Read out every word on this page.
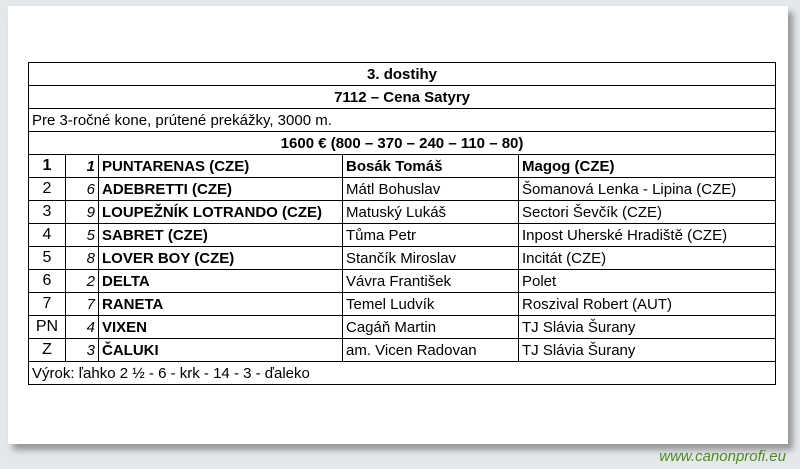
3. dostihy				
7112 – Cena Satyry				
Pre 3-ročné kone, prútené prekážky, 3000 m.				
1600 € (800 – 370 – 240 – 110 – 80)				
1	1	PUNTARENAS (CZE)	Bosák Tomáš	Magog (CZE)
2	6	ADEBRETTI (CZE)	Mátl Bohuslav	Šomanová Lenka - Lipina (CZE)
3	9	LOUPEŽNÍK LOTRANDO (CZE)	Matuský Lukáš	Sectori Ševčík (CZE)
4	5	SABRET (CZE)	Tůma Petr	Inpost Uherské Hradiště (CZE)
5	8	LOVER BOY (CZE)	Stančík Miroslav	Incitát (CZE)
6	2	DELTA	Vávra František	Polet
7	7	RANETA	Temel Ludvík	Roszival Robert (AUT)
PN	4	VIXEN	Cagáň Martin	TJ Slávia Šurany
Z	3	ČALUKI	am. Vicen Radovan	TJ Slávia Šurany
Výrok: ľahko 2 ½ - 6 - krk - 14 - 3 - ďaleko				
www.canonprofi.eu
